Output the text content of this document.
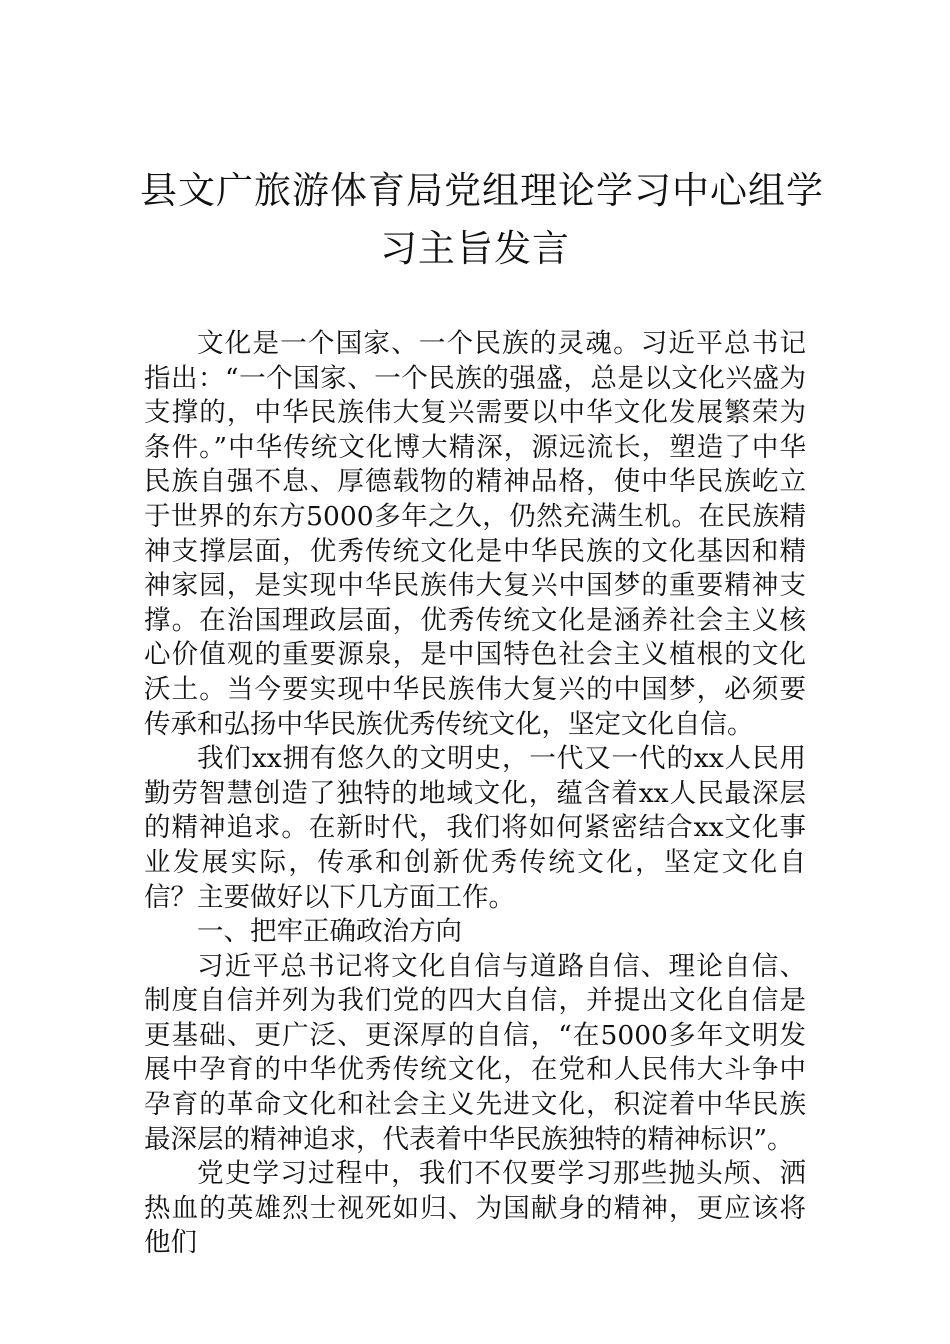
县文广旅游体育局党组理论学习中心组学
习主旨发言

文化是一个国家、一个民族的灵魂。习近平总书记指出：“一个国家、一个民族的强盛，总是以文化兴盛为支撑的，中华民族伟大复兴需要以中华文化发展繁荣为条件。”中华传统文化博大精深，源远流长，塑造了中华民族自强不息、厚德载物的精神品格，使中华民族屹立于世界的东方5000多年之久，仍然充满生机。在民族精神支撑层面，优秀传统文化是中华民族的文化基因和精神家园，是实现中华民族伟大复兴中国梦的重要精神支撑。在治国理政层面，优秀传统文化是涵养社会主义核心价值观的重要源泉，是中国特色社会主义植根的文化沃土。当今要实现中华民族伟大复兴的中国梦，必须要传承和弘扬中华民族优秀传统文化，坚定文化自信。

我们xx拥有悠久的文明史，一代又一代的xx人民用勤劳智慧创造了独特的地域文化，蕴含着xx人民最深层的精神追求。在新时代，我们将如何紧密结合xx文化事业发展实际，传承和创新优秀传统文化，坚定文化自信？主要做好以下几方面工作。

一、把牢正确政治方向

习近平总书记将文化自信与道路自信、理论自信、制度自信并列为我们党的四大自信，并提出文化自信是更基础、更广泛、更深厚的自信，“在5000多年文明发展中孕育的中华优秀传统文化，在党和人民伟大斗争中孕育的革命文化和社会主义先进文化，积淀着中华民族最深层的精神追求，代表着中华民族独特的精神标识”。

党史学习过程中，我们不仅要学习那些抛头颅、洒热血的英雄烈士视死如归、为国献身的精神，更应该将他们
